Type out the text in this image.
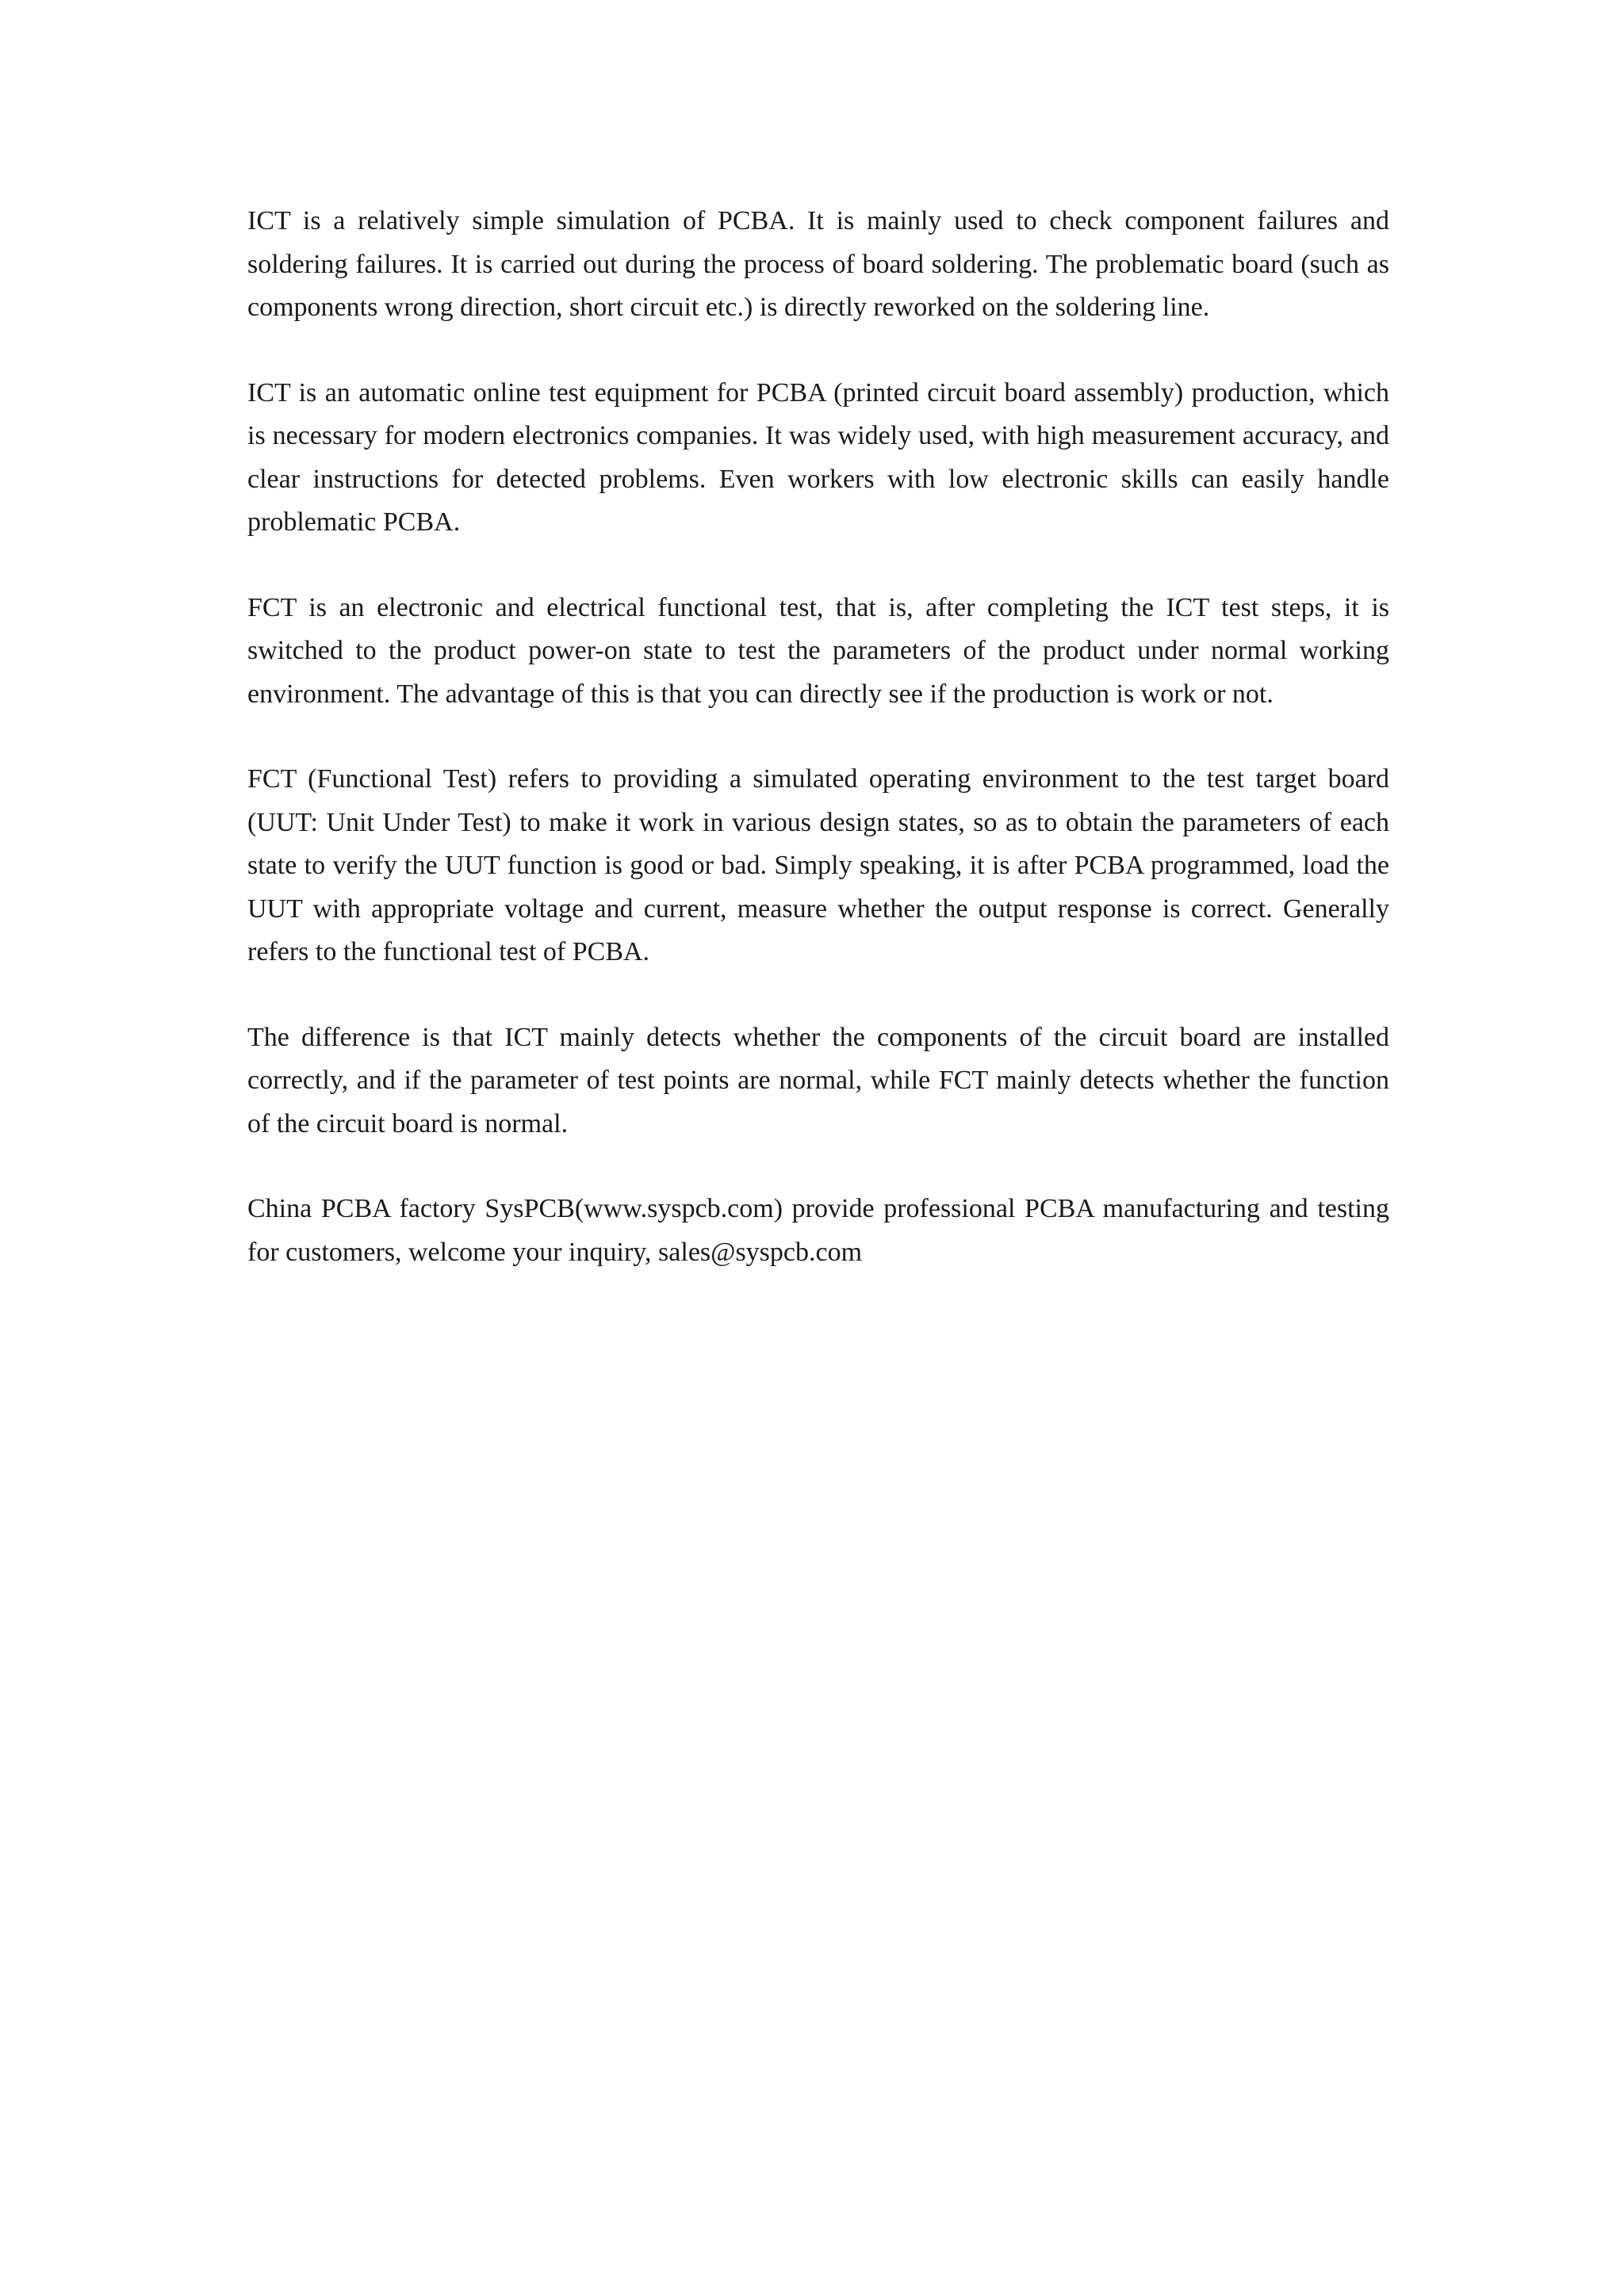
ICT is a relatively simple simulation of PCBA. It is mainly used to check component failures and soldering failures. It is carried out during the process of board soldering. The problematic board (such as components wrong direction, short circuit etc.) is directly reworked on the soldering line.

ICT is an automatic online test equipment for PCBA (printed circuit board assembly) production, which is necessary for modern electronics companies. It was widely used, with high measurement accuracy, and clear instructions for detected problems. Even workers with low electronic skills can easily handle problematic PCBA.

FCT is an electronic and electrical functional test, that is, after completing the ICT test steps, it is switched to the product power-on state to test the parameters of the product under normal working environment. The advantage of this is that you can directly see if the production is work or not.

FCT (Functional Test) refers to providing a simulated operating environment to the test target board (UUT: Unit Under Test) to make it work in various design states, so as to obtain the parameters of each state to verify the UUT function is good or bad. Simply speaking, it is after PCBA programmed, load the UUT with appropriate voltage and current, measure whether the output response is correct. Generally refers to the functional test of PCBA.

The difference is that ICT mainly detects whether the components of the circuit board are installed correctly, and if the parameter of test points are normal, while FCT mainly detects whether the function of the circuit board is normal.

China PCBA factory SysPCB(www.syspcb.com) provide professional PCBA manufacturing and testing for customers, welcome your inquiry, sales@syspcb.com
